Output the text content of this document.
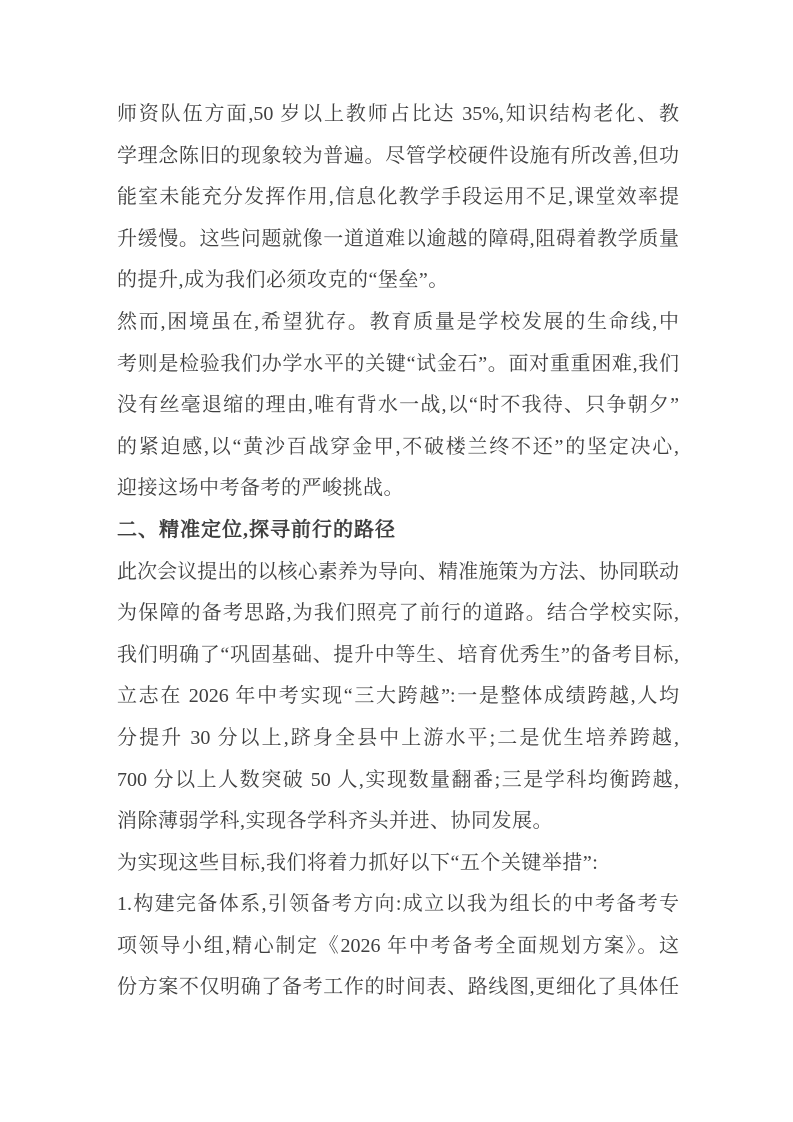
师资队伍方面,50 岁以上教师占比达 35%,知识结构老化、教
学理念陈旧的现象较为普遍。尽管学校硬件设施有所改善,但功
能室未能充分发挥作用,信息化教学手段运用不足,课堂效率提
升缓慢。这些问题就像一道道难以逾越的障碍,阻碍着教学质量
的提升,成为我们必须攻克的“堡垒”。
然而,困境虽在,希望犹存。教育质量是学校发展的生命线,中
考则是检验我们办学水平的关键“试金石”。面对重重困难,我们
没有丝毫退缩的理由,唯有背水一战,以“时不我待、只争朝夕”
的紧迫感,以“黄沙百战穿金甲,不破楼兰终不还”的坚定决心,
迎接这场中考备考的严峻挑战。
二、精准定位,探寻前行的路径
此次会议提出的以核心素养为导向、精准施策为方法、协同联动
为保障的备考思路,为我们照亮了前行的道路。结合学校实际,
我们明确了“巩固基础、提升中等生、培育优秀生”的备考目标,
立志在 2026 年中考实现“三大跨越”:一是整体成绩跨越,人均
分提升 30 分以上,跻身全县中上游水平;二是优生培养跨越,
700 分以上人数突破 50 人,实现数量翻番;三是学科均衡跨越,
消除薄弱学科,实现各学科齐头并进、协同发展。
为实现这些目标,我们将着力抓好以下“五个关键举措”:
1.构建完备体系,引领备考方向:成立以我为组长的中考备考专
项领导小组,精心制定《2026 年中考备考全面规划方案》。这
份方案不仅明确了备考工作的时间表、路线图,更细化了具体任
